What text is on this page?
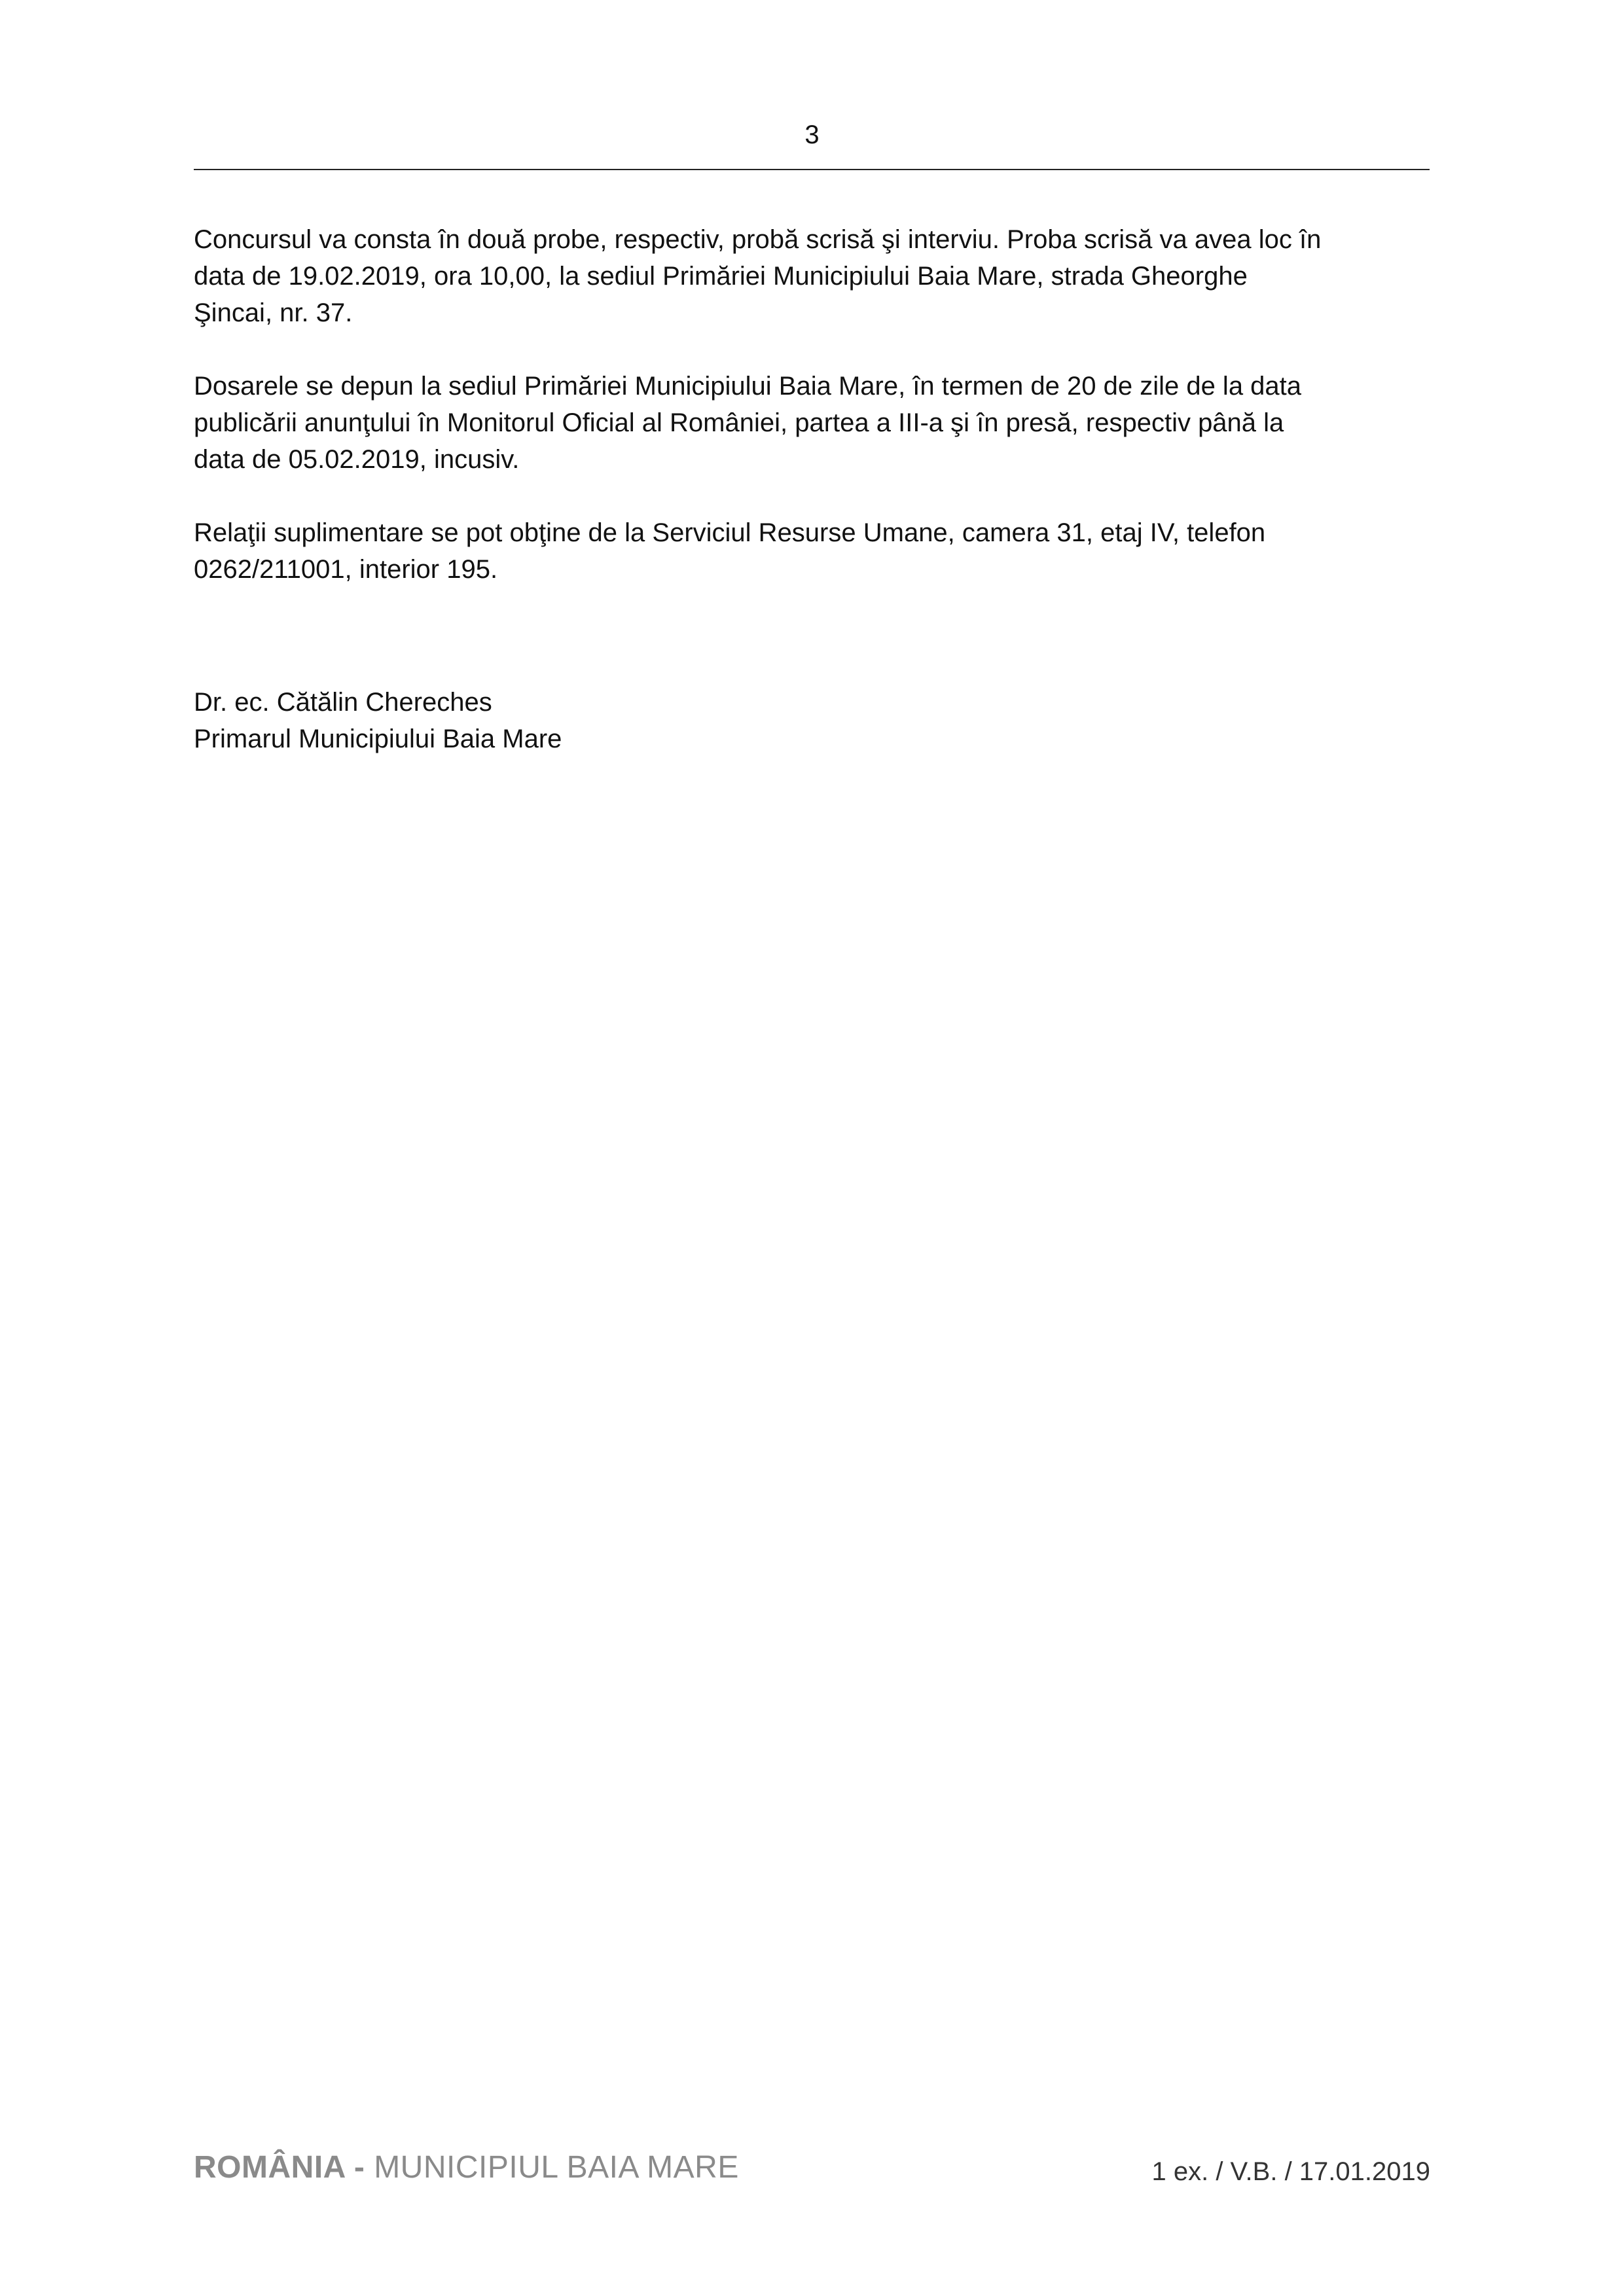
3

Concursul va consta în două probe, respectiv, probă scrisă şi interviu. Proba scrisă va avea loc în
data de 19.02.2019, ora 10,00, la sediul Primăriei Municipiului Baia Mare, strada Gheorghe
Şincai, nr. 37.

Dosarele se depun la sediul Primăriei Municipiului Baia Mare, în termen de 20 de zile de la data
publicării anunţului în Monitorul Oficial al României, partea a III-a şi în presă, respectiv până la
data de 05.02.2019, incusiv.

Relaţii suplimentare se pot obţine de la Serviciul Resurse Umane, camera 31, etaj IV, telefon
0262/211001, interior 195.

Dr. ec. Cătălin Chereches
Primarul Municipiului Baia Mare
ROMÂNIA - MUNICIPIUL BAIA MARE	1 ex. / V.B. / 17.01.2019
